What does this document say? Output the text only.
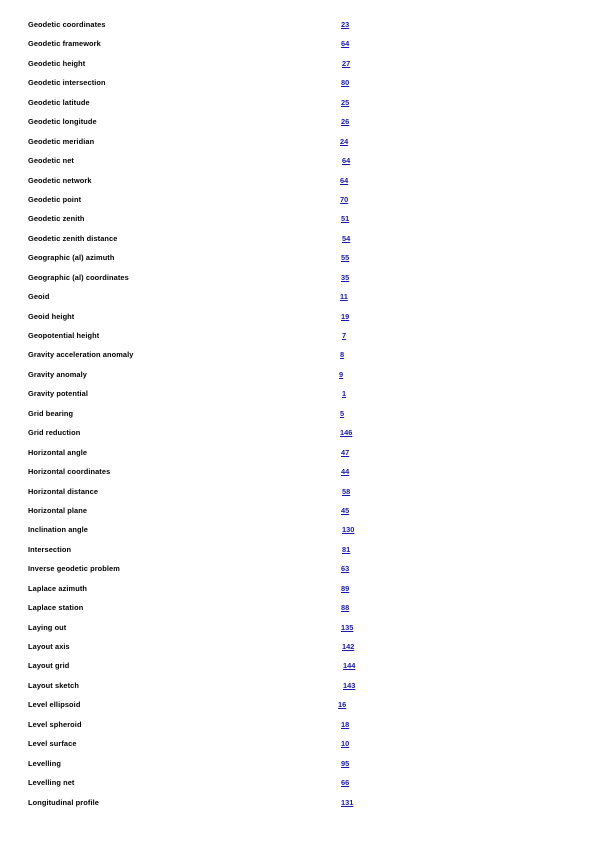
Geodetic coordinates	23
Geodetic framework	64
Geodetic height	27
Geodetic intersection	80
Geodetic latitude	25
Geodetic longitude	26
Geodetic meridian	24
Geodetic net	64
Geodetic network	64
Geodetic point	70
Geodetic zenith	51
Geodetic zenith distance	54
Geographic (al) azimuth	55
Geographic (al) coordinates	35
Geoid	11
Geoid height	19
Geopotential height	7
Gravity acceleration anomaly	8
Gravity anomaly	9
Gravity potential	1
Grid bearing	5
Grid reduction	146
Horizontal angle	47
Horizontal coordinates	44
Horizontal distance	58
Horizontal plane	45
Inclination angle	130
Intersection	81
Inverse geodetic problem	63
Laplace azimuth	89
Laplace station	88
Laying out	135
Layout axis	142
Layout grid	144
Layout sketch	143
Level ellipsoid	16
Level spheroid	18
Level surface	10
Levelling	95
Levelling net	66
Longitudinal profile	131
